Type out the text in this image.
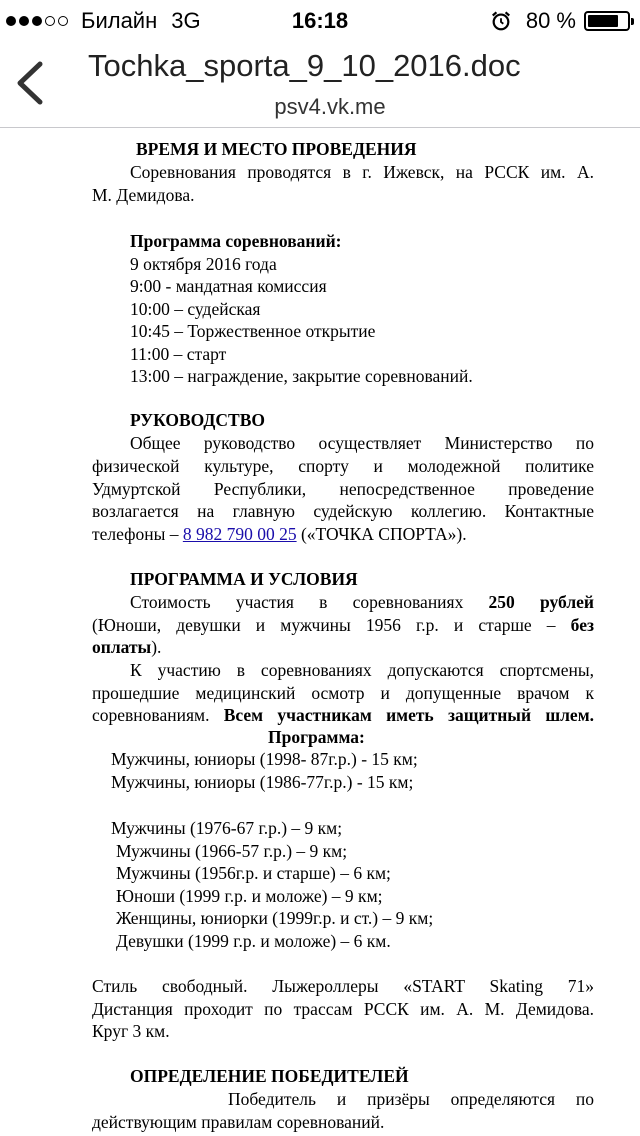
Билайн 3G	16:18	80 %
Tochka_sporta_9_10_2016.doc
psv4.vk.me
ВРЕМЯ И МЕСТО ПРОВЕДЕНИЯ
Соревнования проводятся в г. Ижевск, на РССК им. А.
М. Демидова.
Программа соревнований:
9 октября 2016 года
9:00 - мандатная комиссия
10:00 – судейская
10:45 – Торжественное открытие
11:00 – старт
13:00 – награждение, закрытие соревнований.
РУКОВОДСТВО
Общее руководство осуществляет Министерство по
физической культуре, спорту и молодежной политике
Удмуртской Республики, непосредственное проведение
возлагается на главную судейскую коллегию. Контактные
телефоны – 8 982 790 00 25 («ТОЧКА СПОРТА»).
ПРОГРАММА И УСЛОВИЯ
Стоимость участия в соревнованиях 250 рублей
(Юноши, девушки и мужчины 1956 г.р. и старше – без
оплаты).
К участию в соревнованиях допускаются спортсмены,
прошедшие медицинский осмотр и допущенные врачом к
соревнованиям. Всем участникам иметь защитный шлем.
Программа:
Мужчины, юниоры (1998- 87г.р.) - 15 км;
Мужчины, юниоры (1986-77г.р.) - 15 км;
Мужчины (1976-67 г.р.) – 9 км;
Мужчины (1966-57 г.р.) – 9 км;
Мужчины (1956г.р. и старше) – 6 км;
Юноши (1999 г.р. и моложе) – 9 км;
Женщины, юниорки (1999г.р. и ст.) – 9 км;
Девушки (1999 г.р. и моложе) – 6 км.
Стиль свободный. Лыжероллеры «START Skating 71»
Дистанция проходит по трассам РССК им. А. М. Демидова.
Круг 3 км.
ОПРЕДЕЛЕНИЕ ПОБЕДИТЕЛЕЙ
Победитель и призёры определяются по
действующим правилам соревнований.
